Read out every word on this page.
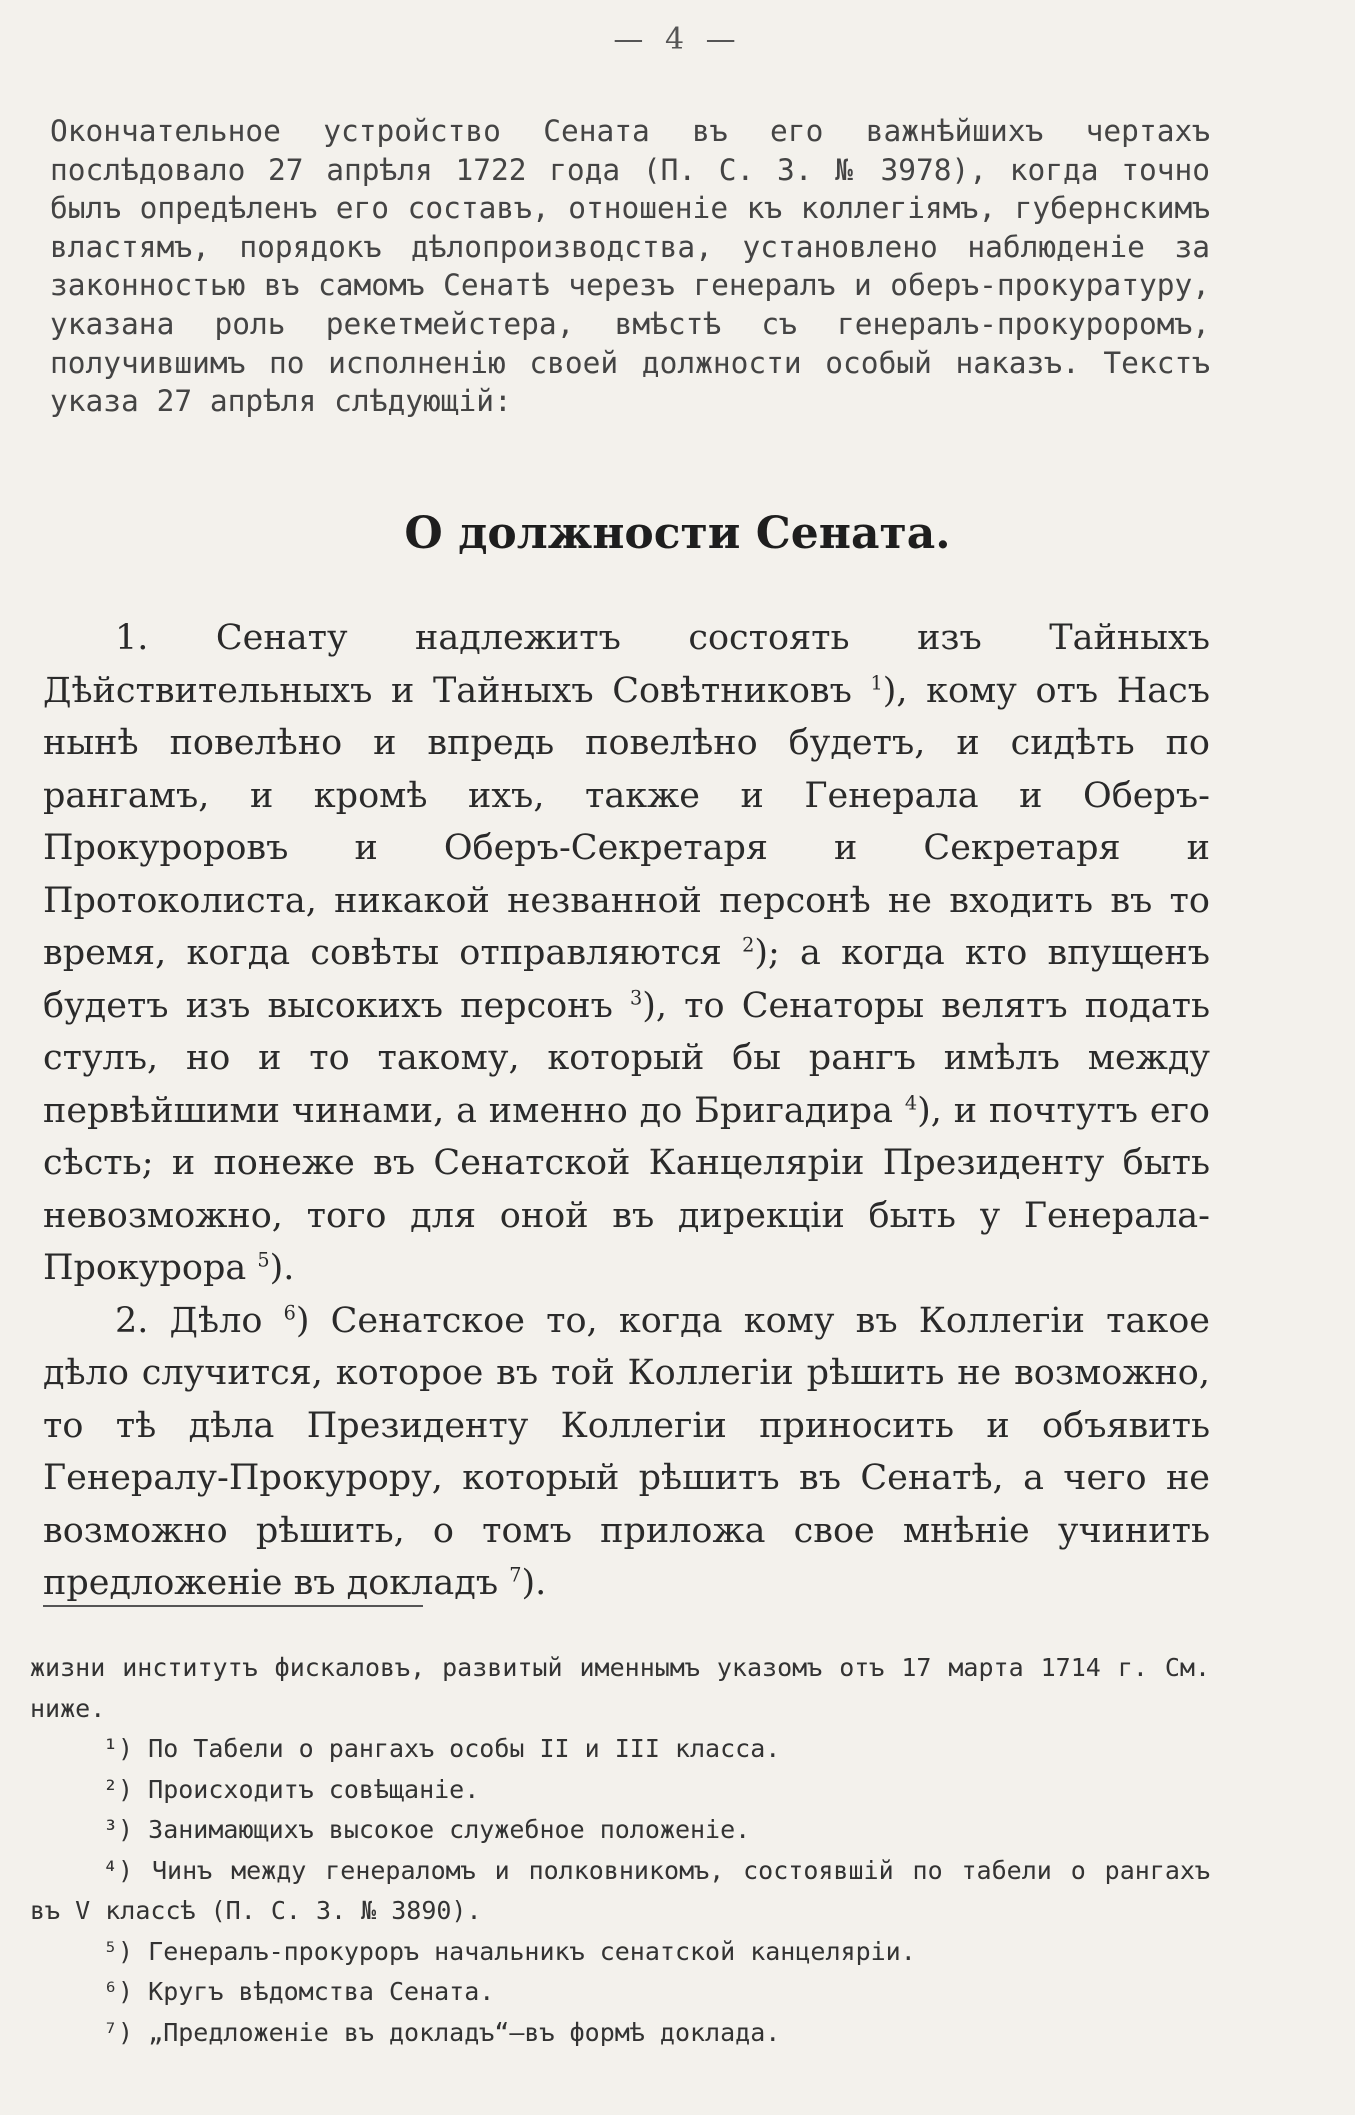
— 4 —

Окончательное устройство Сената въ его важнѣйшихъ чертахъ послѣдовало 27 апрѣля 1722 года (П. С. З. № 3978), когда точно былъ опредѣленъ его составъ, отношеніе къ коллегіямъ, губернскимъ властямъ, порядокъ дѣлопроизводства, установлено наблюденіе за законностью въ самомъ Сенатѣ черезъ генералъ и оберъ-прокуратуру, указана роль рекетмейстера, вмѣстѣ съ генералъ-прокуроромъ, получившимъ по исполненію своей должности особый наказъ. Текстъ указа 27 апрѣля слѣдующій:

О должности Сената.

1. Сенату надлежитъ состоять изъ Тайныхъ Дѣйствительныхъ и Тайныхъ Совѣтниковъ $^1$), кому отъ Насъ нынѣ повелѣно и впредь повелѣно будетъ, и сидѣть по рангамъ, и кромѣ ихъ, также и Генерала и Оберъ-Прокуроровъ и Оберъ-Секретаря и Секретаря и Протоколиста, никакой незванной персонѣ не входить въ то время, когда совѣты отправляются $^2$); а когда кто впущенъ будетъ изъ высокихъ персонъ $^3$), то Сенаторы велятъ подать стулъ, но и то такому, который бы рангъ имѣлъ между первѣйшими чинами, а именно до Бригадира $^4$), и почтутъ его сѣсть; и понеже въ Сенатской Канцеляріи Президенту быть невозможно, того для оной въ дирекціи быть у Генерала-Прокурора $^5$).

2. Дѣло $^6$) Сенатское то, когда кому въ Коллегіи такое дѣло случится, которое въ той Коллегіи рѣшить не возможно, то тѣ дѣла Президенту Коллегіи приносить и объявить Генералу-Прокурору, который рѣшитъ въ Сенатѣ, а чего не возможно рѣшить, о томъ приложа свое мнѣніе учинить предложеніе въ докладъ $^7$).

жизни институтъ фискаловъ, развитый именнымъ указомъ отъ 17 марта 1714 г. См. ниже.

¹) По Табели о рангахъ особы II и III класса.

²) Происходитъ совѣщаніе.

³) Занимающихъ высокое служебное положеніе.

⁴) Чинъ между генераломъ и полковникомъ, состоявшій по табели о рангахъ въ V классѣ (П. С. З. № 3890).

⁵) Генералъ-прокуроръ начальникъ сенатской канцеляріи.

⁶) Кругъ вѣдомства Сената.

⁷) „Предложеніе въ докладъ“—въ формѣ доклада.
